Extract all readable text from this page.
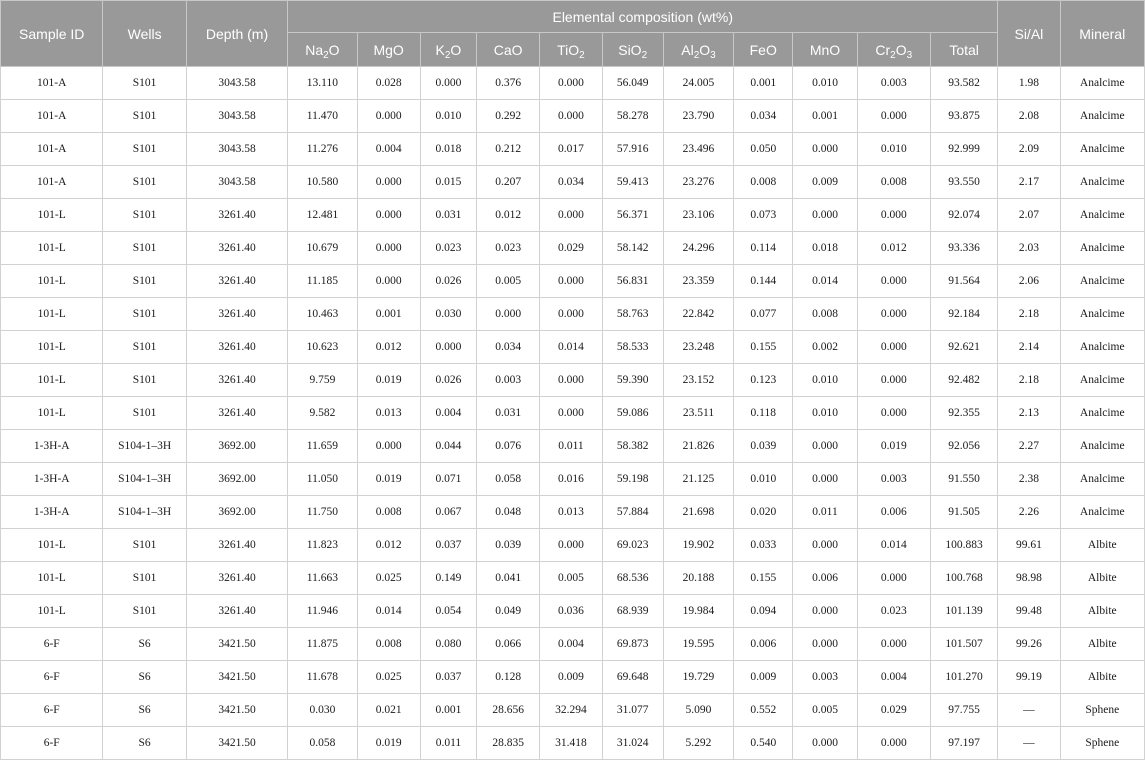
Sample ID	Wells	Depth (m)	Elemental composition (wt%)											Si/Al	Mineral
			$Na_2O$	MgO	$K_2O$	CaO	TiO$_2$	SiO$_2$	$Al_2O_3$	FeO	MnO	$Cr_2O_3$	Total		
101-A	S101	3043.58	13.110	0.028	0.000	0.376	0.000	56.049	24.005	0.001	0.010	0.003	93.582	1.98	Analcime
101-A	S101	3043.58	11.470	0.000	0.010	0.292	0.000	58.278	23.790	0.034	0.001	0.000	93.875	2.08	Analcime
101-A	S101	3043.58	11.276	0.004	0.018	0.212	0.017	57.916	23.496	0.050	0.000	0.010	92.999	2.09	Analcime
101-A	S101	3043.58	10.580	0.000	0.015	0.207	0.034	59.413	23.276	0.008	0.009	0.008	93.550	2.17	Analcime
101-L	S101	3261.40	12.481	0.000	0.031	0.012	0.000	56.371	23.106	0.073	0.000	0.000	92.074	2.07	Analcime
101-L	S101	3261.40	10.679	0.000	0.023	0.023	0.029	58.142	24.296	0.114	0.018	0.012	93.336	2.03	Analcime
101-L	S101	3261.40	11.185	0.000	0.026	0.005	0.000	56.831	23.359	0.144	0.014	0.000	91.564	2.06	Analcime
101-L	S101	3261.40	10.463	0.001	0.030	0.000	0.000	58.763	22.842	0.077	0.008	0.000	92.184	2.18	Analcime
101-L	S101	3261.40	10.623	0.012	0.000	0.034	0.014	58.533	23.248	0.155	0.002	0.000	92.621	2.14	Analcime
101-L	S101	3261.40	9.759	0.019	0.026	0.003	0.000	59.390	23.152	0.123	0.010	0.000	92.482	2.18	Analcime
101-L	S101	3261.40	9.582	0.013	0.004	0.031	0.000	59.086	23.511	0.118	0.010	0.000	92.355	2.13	Analcime
1-3H-A	S104-1–3H	3692.00	11.659	0.000	0.044	0.076	0.011	58.382	21.826	0.039	0.000	0.019	92.056	2.27	Analcime
1-3H-A	S104-1–3H	3692.00	11.050	0.019	0.071	0.058	0.016	59.198	21.125	0.010	0.000	0.003	91.550	2.38	Analcime
1-3H-A	S104-1–3H	3692.00	11.750	0.008	0.067	0.048	0.013	57.884	21.698	0.020	0.011	0.006	91.505	2.26	Analcime
101-L	S101	3261.40	11.823	0.012	0.037	0.039	0.000	69.023	19.902	0.033	0.000	0.014	100.883	99.61	Albite
101-L	S101	3261.40	11.663	0.025	0.149	0.041	0.005	68.536	20.188	0.155	0.006	0.000	100.768	98.98	Albite
101-L	S101	3261.40	11.946	0.014	0.054	0.049	0.036	68.939	19.984	0.094	0.000	0.023	101.139	99.48	Albite
6-F	S6	3421.50	11.875	0.008	0.080	0.066	0.004	69.873	19.595	0.006	0.000	0.000	101.507	99.26	Albite
6-F	S6	3421.50	11.678	0.025	0.037	0.128	0.009	69.648	19.729	0.009	0.003	0.004	101.270	99.19	Albite
6-F	S6	3421.50	0.030	0.021	0.001	28.656	32.294	31.077	5.090	0.552	0.005	0.029	97.755	—	Sphene
6-F	S6	3421.50	0.058	0.019	0.011	28.835	31.418	31.024	5.292	0.540	0.000	0.000	97.197	—	Sphene
